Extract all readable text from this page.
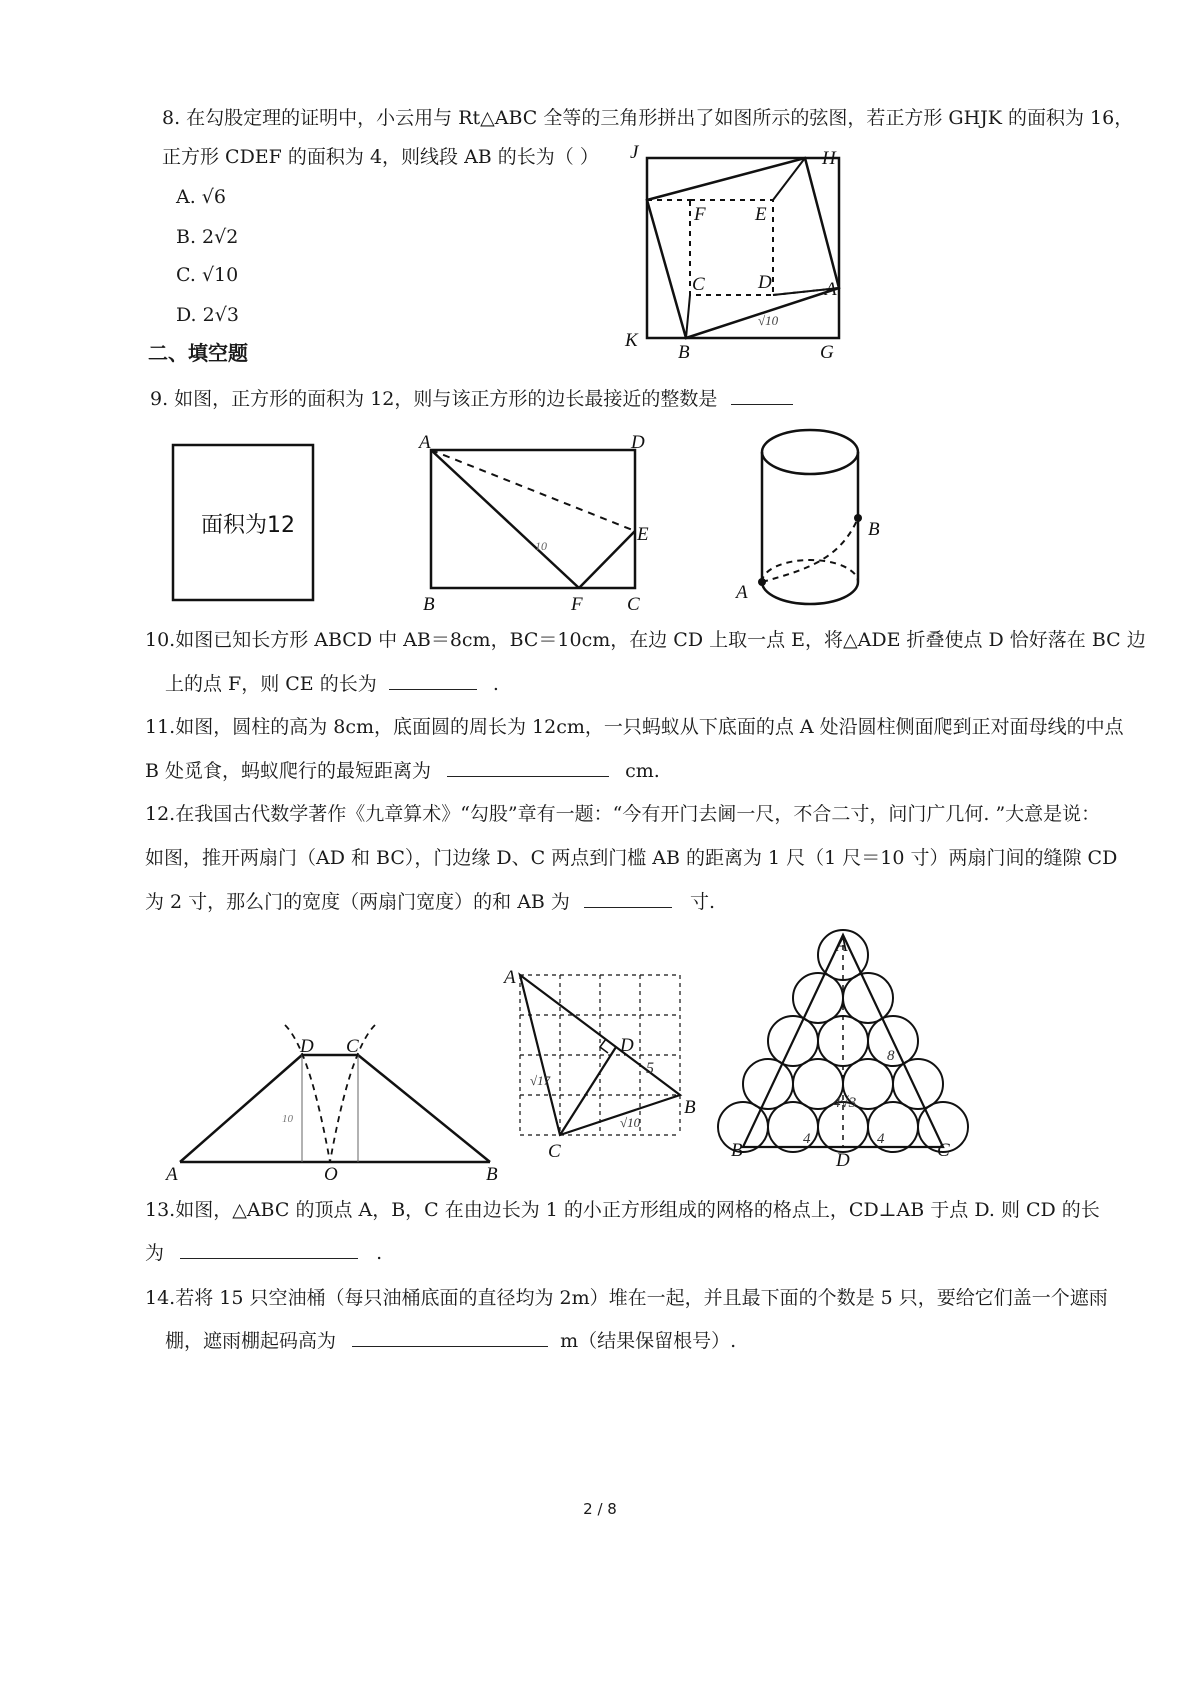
8. 在勾股定理的证明中，小云用与 Rt△ABC 全等的三角形拼出了如图所示的弦图，若正方形 GHJK 的面积为 16，
正方形 CDEF 的面积为 4，则线段 AB 的长为（ ）
A. √6
B. 2√2
C. √10
D. 2√3
J	H
F	E
C	D	A
K
B	G
√10
二、填空题
9. 如图，正方形的面积为 12，则与该正方形的边长最接近的整数是
面积为12
A	D
E
B	F C
10
B
A
10.如图已知长方形 ABCD 中 AB＝8cm，BC＝10cm，在边 CD 上取一点 E，将△ADE 折叠使点 D 恰好落在 BC 边
上的点 F，则 CE 的长为	.
11.如图，圆柱的高为 8cm，底面圆的周长为 12cm，一只蚂蚁从下底面的点 A 处沿圆柱侧面爬到正对面母线的中点
B 处觅食，蚂蚁爬行的最短距离为	cm.
12.在我国古代数学著作《九章算术》“勾股”章有一题：“今有开门去阃一尺，不合二寸，问门广几何. ”大意是说：
如图，推开两扇门（AD 和 BC），门边缘 D、C 两点到门槛 AB 的距离为 1 尺（1 尺＝10 寸）两扇门间的缝隙 CD
为 2 寸，那么门的宽度（两扇门宽度）的和 AB 为	寸.
D C
A	O	B
10
A
D
B
C
5
√17
√10
A
B	D	C
8
4√3
4	4
13.如图，△ABC 的顶点 A，B，C 在由边长为 1 的小正方形组成的网格的格点上，CD⊥AB 于点 D. 则 CD 的长
为	.
14.若将 15 只空油桶（每只油桶底面的直径均为 2m）堆在一起，并且最下面的个数是 5 只，要给它们盖一个遮雨
棚，遮雨棚起码高为	m（结果保留根号）.
2 / 8
